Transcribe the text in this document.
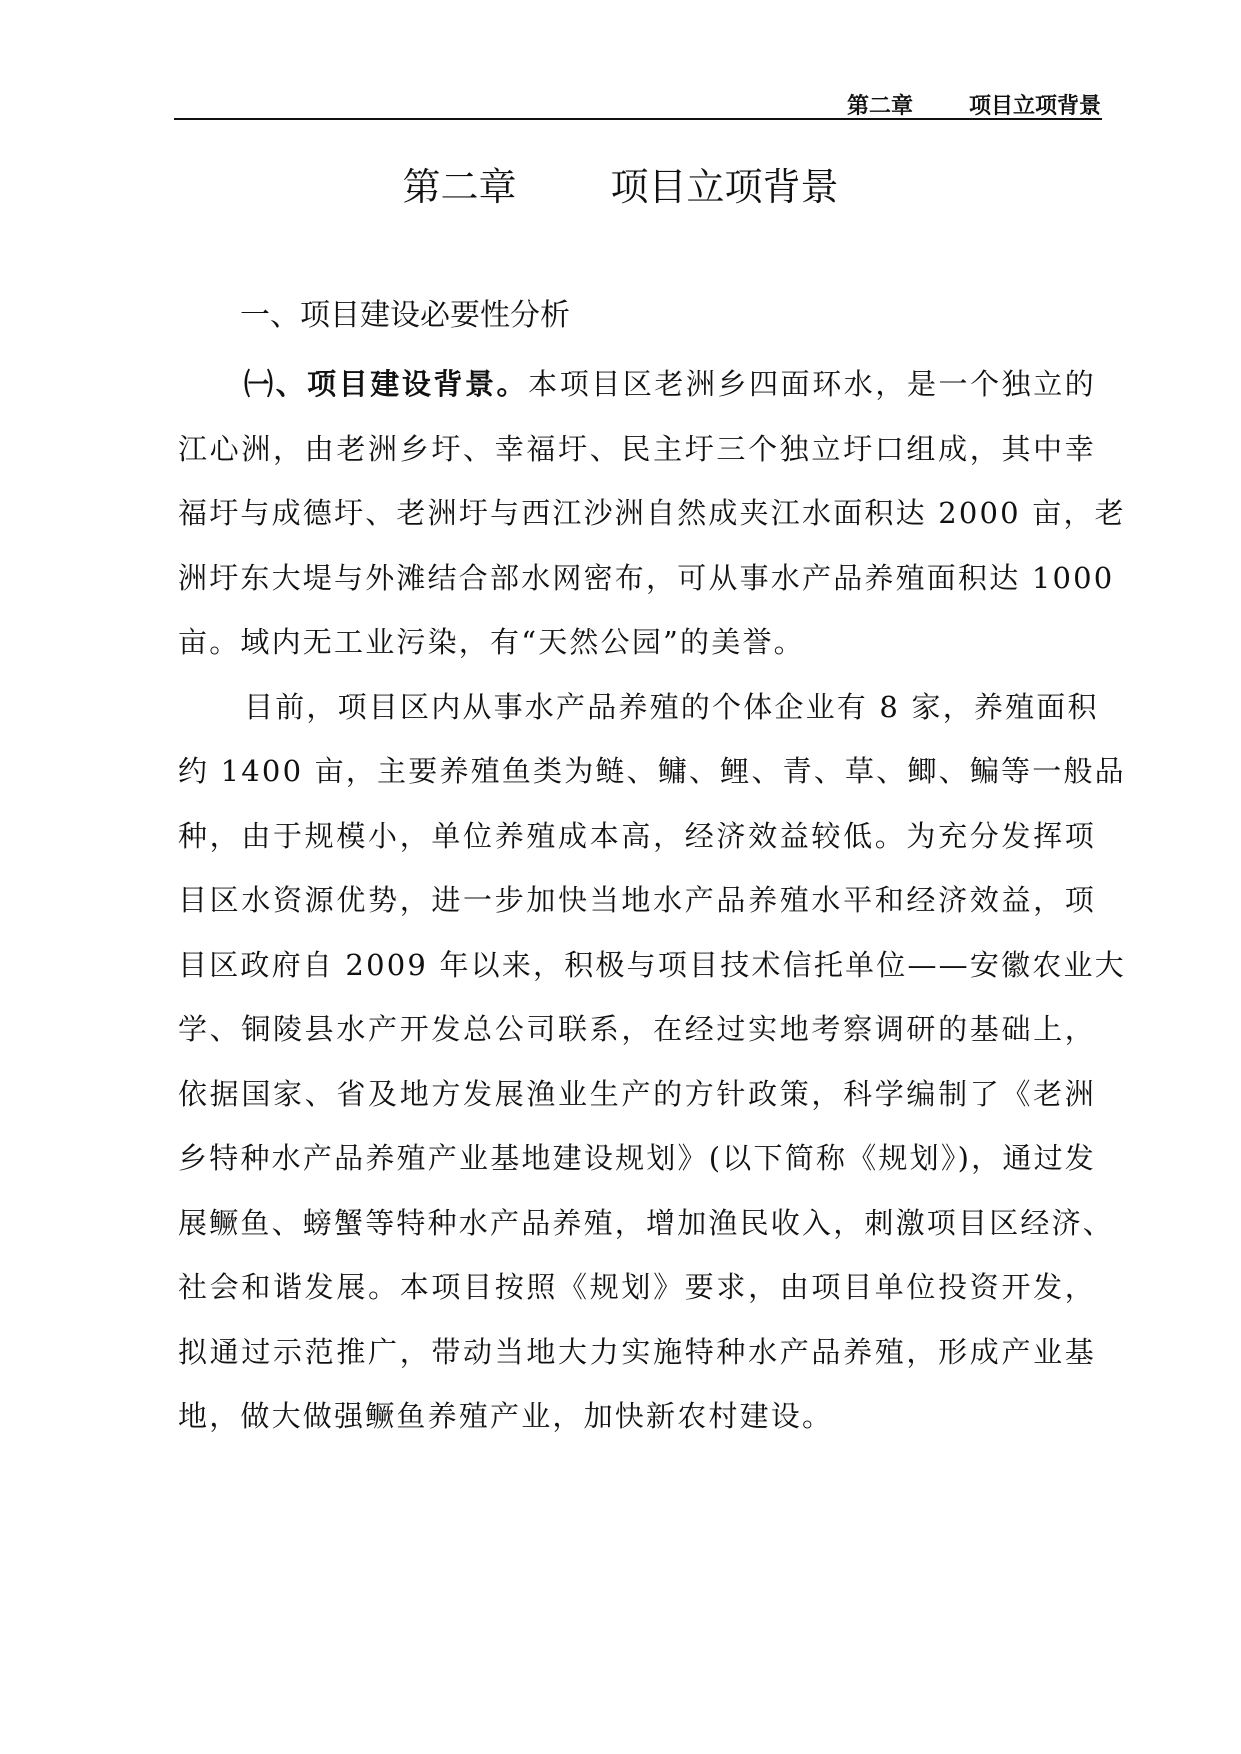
第二章	项目立项背景
第二章 项目立项背景
一、项目建设必要性分析
㈠、项目建设背景。本项目区老洲乡四面环水，是一个独立的
江心洲，由老洲乡圩、幸福圩、民主圩三个独立圩口组成，其中幸
福圩与成德圩、老洲圩与西江沙洲自然成夹江水面积达 2000 亩，老
洲圩东大堤与外滩结合部水网密布，可从事水产品养殖面积达 1000
亩。域内无工业污染，有“天然公园”的美誉。
目前，项目区内从事水产品养殖的个体企业有 8 家，养殖面积
约 1400 亩，主要养殖鱼类为鲢、鳙、鲤、青、草、鲫、鳊等一般品
种，由于规模小，单位养殖成本高，经济效益较低。为充分发挥项
目区水资源优势，进一步加快当地水产品养殖水平和经济效益，项
目区政府自 2009 年以来，积极与项目技术信托单位——安徽农业大
学、铜陵县水产开发总公司联系，在经过实地考察调研的基础上，
依据国家、省及地方发展渔业生产的方针政策，科学编制了《老洲
乡特种水产品养殖产业基地建设规划》(以下简称《规划》)，通过发
展鳜鱼、螃蟹等特种水产品养殖，增加渔民收入，刺激项目区经济、
社会和谐发展。本项目按照《规划》要求，由项目单位投资开发，
拟通过示范推广，带动当地大力实施特种水产品养殖，形成产业基
地，做大做强鳜鱼养殖产业，加快新农村建设。
